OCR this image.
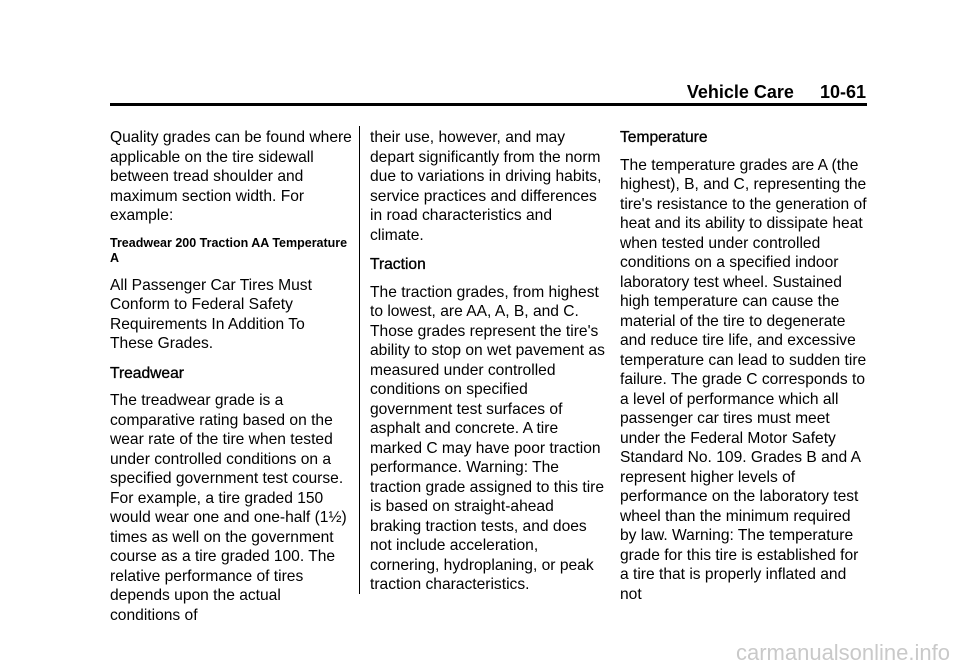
Vehicle Care 10-61

Quality grades can be found where applicable on the tire sidewall between tread shoulder and maximum section width. For example:

Treadwear 200 Traction AA Temperature A

All Passenger Car Tires Must Conform to Federal Safety Requirements In Addition To These Grades.

Treadwear

The treadwear grade is a comparative rating based on the wear rate of the tire when tested under controlled conditions on a specified government test course. For example, a tire graded 150 would wear one and one-half (1½) times as well on the government course as a tire graded 100. The relative performance of tires depends upon the actual conditions of

their use, however, and may depart significantly from the norm due to variations in driving habits, service practices and differences in road characteristics and climate.

Traction

The traction grades, from highest to lowest, are AA, A, B, and C. Those grades represent the tire's ability to stop on wet pavement as measured under controlled conditions on specified government test surfaces of asphalt and concrete. A tire marked C may have poor traction performance. Warning: The traction grade assigned to this tire is based on straight-ahead braking traction tests, and does not include acceleration, cornering, hydroplaning, or peak traction characteristics.

Temperature

The temperature grades are A (the highest), B, and C, representing the tire's resistance to the generation of heat and its ability to dissipate heat when tested under controlled conditions on a specified indoor laboratory test wheel. Sustained high temperature can cause the material of the tire to degenerate and reduce tire life, and excessive temperature can lead to sudden tire failure. The grade C corresponds to a level of performance which all passenger car tires must meet under the Federal Motor Safety Standard No. 109. Grades B and A represent higher levels of performance on the laboratory test wheel than the minimum required by law. Warning: The temperature grade for this tire is established for a tire that is properly inflated and not

carmanualsonline.info
